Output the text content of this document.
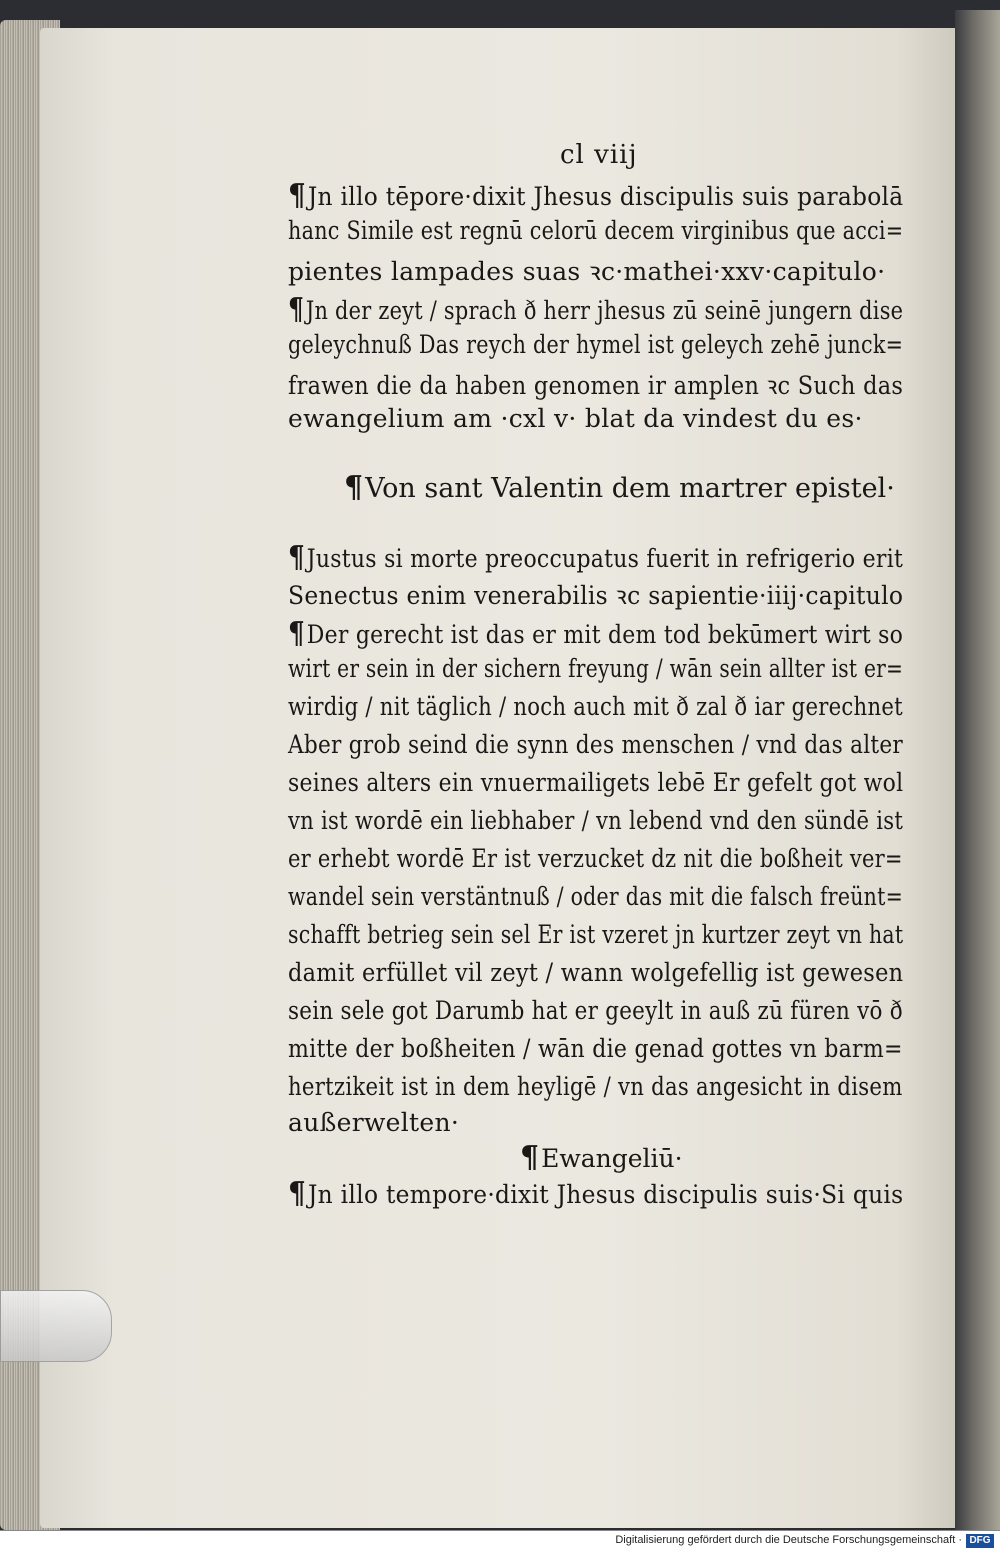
cl viij
¶Jn illo tēpore·dixit Jhesus discipulis suis parabolā
hanc Simile est regnū celorū decem virginibus que acci=
pientes lampades suas ꝛc·mathei·xxv·capitulo·
¶Jn der zeyt / sprach ð herr jhesus zū seinē jungern dise
geleychnuß Das reych der hymel ist geleych zehē junck=
frawen die da haben genomen ir amplen ꝛc Such das
ewangelium am ·cxl v· blat da vindest du es·
¶Von sant Valentin dem martrer epistel·
¶Justus si morte preoccupatus fuerit in refrigerio erit
Senectus enim venerabilis ꝛc sapientie·iiij·capitulo
¶Der gerecht ist das er mit dem tod bekūmert wirt so
wirt er sein in der sichern freyung / wān sein allter ist er=
wirdig / nit täglich / noch auch mit ð zal ð iar gerechnet
Aber grob seind die synn des menschen / vnd das alter
seines alters ein vnuermailigets lebē Er gefelt got wol
vn ist wordē ein liebhaber / vn lebend vnd den sündē ist
er erhebt wordē Er ist verzucket dz nit die boßheit ver=
wandel sein verstäntnuß / oder das mit die falsch freünt=
schafft betrieg sein sel Er ist vzeret jn kurtzer zeyt vn hat
damit erfüllet vil zeyt / wann wolgefellig ist gewesen
sein sele got Darumb hat er geeylt in auß zū füren vō ð
mitte der boßheiten / wān die genad gottes vn barm=
hertzikeit ist in dem heyligē / vn das angesicht in disem
außerwelten·
¶Ewangeliū·
¶Jn illo tempore·dixit Jhesus discipulis suis·Si quis
Digitalisierung gefördert durch die Deutsche Forschungsgemeinschaft · DFG
